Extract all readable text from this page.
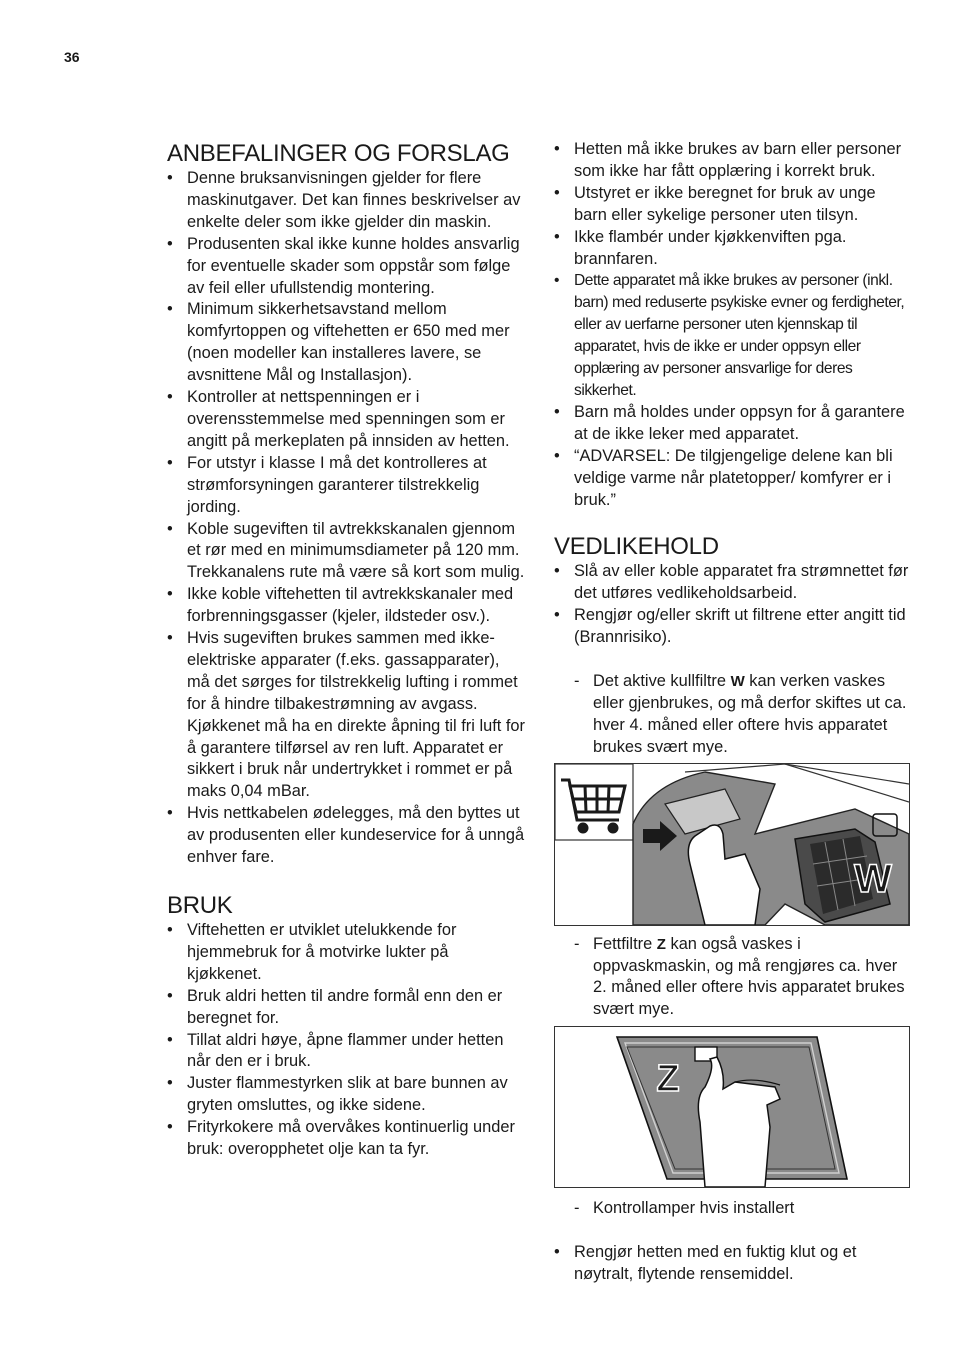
36
ANBEFALINGER OG FORSLAG
• Denne bruksanvisningen gjelder for flere maskinutgaver. Det kan finnes beskrivelser av enkelte deler som ikke gjelder din maskin.
• Produsenten skal ikke kunne holdes ansvarlig for eventuelle skader som oppstår som følge av feil eller ufullstendig montering.
• Minimum sikkerhetsavstand mellom komfyrtoppen og viftehetten er 650 med mer (noen modeller kan installeres lavere, se avsnittene Mål og Installasjon).
• Kontroller at nettspenningen er i overensstemmelse med spenningen som er angitt på merkeplaten på innsiden av hetten.
• For utstyr i klasse I må det kontrolleres at strømforsyningen garanterer tilstrekkelig jording.
• Koble sugeviften til avtrekkskanalen gjennom et rør med en minimumsdiameter på 120 mm. Trekkanalens rute må være så kort som mulig.
• Ikke koble viftehetten til avtrekkskanaler med forbrenningsgasser (kjeler, ildsteder osv.).
• Hvis sugeviften brukes sammen med ikke-elektriske apparater (f.eks. gassapparater), må det sørges for tilstrekkelig lufting i rommet for å hindre tilbakestrømning av avgass. Kjøkkenet må ha en direkte åpning til fri luft for å garantere tilførsel av ren luft. Apparatet er sikkert i bruk når undertrykket i rommet er på maks 0,04 mBar.
• Hvis nettkabelen ødelegges, må den byttes ut av produsenten eller kundeservice for å unngå enhver fare.
BRUK
• Viftehetten er utviklet utelukkende for hjemmebruk for å motvirke lukter på kjøkkenet.
• Bruk aldri hetten til andre formål enn den er beregnet for.
• Tillat aldri høye, åpne flammer under hetten når den er i bruk.
• Juster flammestyrken slik at bare bunnen av gryten omsluttes, og ikke sidene.
• Frityrkokere må overvåkes kontinuerlig under bruk: overopphetet olje kan ta fyr.
• Hetten må ikke brukes av barn eller personer som ikke har fått opplæring i korrekt bruk.
• Utstyret er ikke beregnet for bruk av unge barn eller sykelige personer uten tilsyn.
• Ikke flambér under kjøkkenviften pga. brannfaren.
• Dette apparatet må ikke brukes av personer (inkl. barn) med reduserte psykiske evner og ferdigheter, eller av uerfarne personer uten kjennskap til apparatet, hvis de ikke er under oppsyn eller opplæring av personer ansvarlige for deres sikkerhet.
• Barn må holdes under oppsyn for å garantere at de ikke leker med apparatet.
• “ADVARSEL: De tilgjengelige delene kan bli veldige varme når platetopper/ komfyrer er i bruk.”
VEDLIKEHOLD
• Slå av eller koble apparatet fra strømnettet før det utføres vedlikeholdsarbeid.
• Rengjør og/eller skrift ut filtrene etter angitt tid (Brannrisiko).
- Det aktive kullfiltre W kan verken vaskes eller gjenbrukes, og må derfor skiftes ut ca. hver 4. måned eller oftere hvis apparatet brukes svært mye.
W
- Fettfiltre Z kan også vaskes i oppvaskmaskin, og må rengjøres ca. hver 2. måned eller oftere hvis apparatet brukes svært mye.
Z
- Kontrollamper hvis installert
• Rengjør hetten med en fuktig klut og et nøytralt, flytende rensemiddel.
